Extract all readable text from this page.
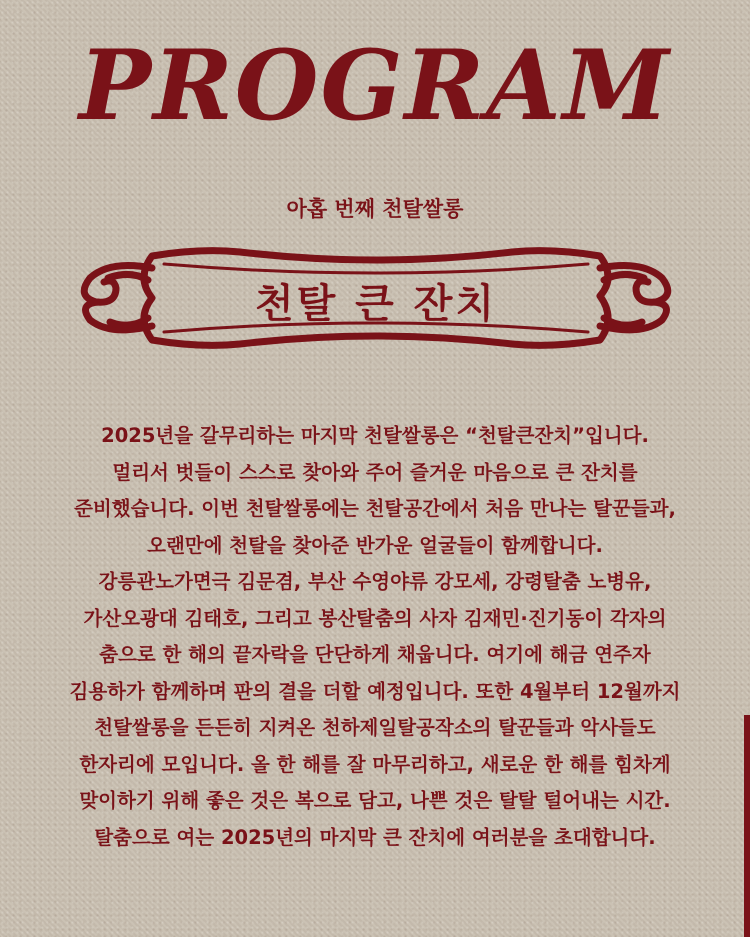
PROGRAM
아홉 번째 천탈쌀롱
천탈 큰 잔치
2025년을 갈무리하는 마지막 천탈쌀롱은 “천탈큰잔치”입니다.
멀리서 벗들이 스스로 찾아와 주어 즐거운 마음으로 큰 잔치를
준비했습니다. 이번 천탈쌀롱에는 천탈공간에서 처음 만나는 탈꾼들과,
오랜만에 천탈을 찾아준 반가운 얼굴들이 함께합니다.
강릉관노가면극 김문겸, 부산 수영야류 강모세, 강령탈춤 노병유,
가산오광대 김태호, 그리고 봉산탈춤의 사자 김재민·진기동이 각자의
춤으로 한 해의 끝자락을 단단하게 채웁니다. 여기에 해금 연주자
김용하가 함께하며 판의 결을 더할 예정입니다. 또한 4월부터 12월까지
천탈쌀롱을 든든히 지켜온 천하제일탈공작소의 탈꾼들과 악사들도
한자리에 모입니다. 올 한 해를 잘 마무리하고, 새로운 한 해를 힘차게
맞이하기 위해 좋은 것은 복으로 담고, 나쁜 것은 탈탈 털어내는 시간.
탈춤으로 여는 2025년의 마지막 큰 잔치에 여러분을 초대합니다.
